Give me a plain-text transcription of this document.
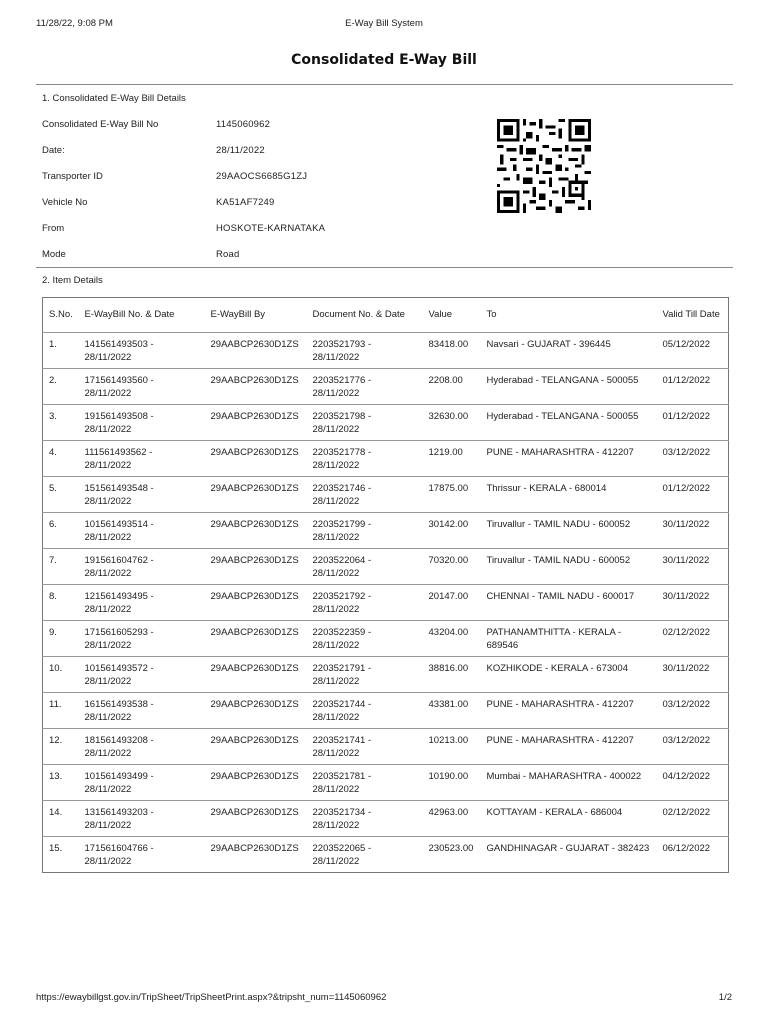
11/28/22, 9:08 PM	E-Way Bill System
Consolidated E-Way Bill
1. Consolidated E-Way Bill Details
Consolidated E-Way Bill No	1145060962
Date:	28/11/2022
Transporter ID	29AAOCS6685G1ZJ
Vehicle No	KA51AF7249
From	HOSKOTE-KARNATAKA
Mode	Road
2. Item Details
S.No.	E-WayBill No. & Date	E-WayBill By	Document No. & Date	Value	To	Valid Till Date
1.	141561493503 - 28/11/2022	29AABCP2630D1ZS	2203521793 - 28/11/2022	83418.00	Navsari - GUJARAT - 396445	05/12/2022
2.	171561493560 - 28/11/2022	29AABCP2630D1ZS	2203521776 - 28/11/2022	2208.00	Hyderabad - TELANGANA - 500055	01/12/2022
3.	191561493508 - 28/11/2022	29AABCP2630D1ZS	2203521798 - 28/11/2022	32630.00	Hyderabad - TELANGANA - 500055	01/12/2022
4.	111561493562 - 28/11/2022	29AABCP2630D1ZS	2203521778 - 28/11/2022	1219.00	PUNE - MAHARASHTRA - 412207	03/12/2022
5.	151561493548 - 28/11/2022	29AABCP2630D1ZS	2203521746 - 28/11/2022	17875.00	Thrissur - KERALA - 680014	01/12/2022
6.	101561493514 - 28/11/2022	29AABCP2630D1ZS	2203521799 - 28/11/2022	30142.00	Tiruvallur - TAMIL NADU - 600052	30/11/2022
7.	191561604762 - 28/11/2022	29AABCP2630D1ZS	2203522064 - 28/11/2022	70320.00	Tiruvallur - TAMIL NADU - 600052	30/11/2022
8.	121561493495 - 28/11/2022	29AABCP2630D1ZS	2203521792 - 28/11/2022	20147.00	CHENNAI - TAMIL NADU - 600017	30/11/2022
9.	171561605293 - 28/11/2022	29AABCP2630D1ZS	2203522359 - 28/11/2022	43204.00	PATHANAMTHITTA - KERALA - 689546	02/12/2022
10.	101561493572 - 28/11/2022	29AABCP2630D1ZS	2203521791 - 28/11/2022	38816.00	KOZHIKODE - KERALA - 673004	30/11/2022
11.	161561493538 - 28/11/2022	29AABCP2630D1ZS	2203521744 - 28/11/2022	43381.00	PUNE - MAHARASHTRA - 412207	03/12/2022
12.	181561493208 - 28/11/2022	29AABCP2630D1ZS	2203521741 - 28/11/2022	10213.00	PUNE - MAHARASHTRA - 412207	03/12/2022
13.	101561493499 - 28/11/2022	29AABCP2630D1ZS	2203521781 - 28/11/2022	10190.00	Mumbai - MAHARASHTRA - 400022	04/12/2022
14.	131561493203 - 28/11/2022	29AABCP2630D1ZS	2203521734 - 28/11/2022	42963.00	KOTTAYAM - KERALA - 686004	02/12/2022
15.	171561604766 - 28/11/2022	29AABCP2630D1ZS	2203522065 - 28/11/2022	230523.00	GANDHINAGAR - GUJARAT - 382423	06/12/2022
https://ewaybillgst.gov.in/TripSheet/TripSheetPrint.aspx?&tripsht_num=1145060962	1/2
